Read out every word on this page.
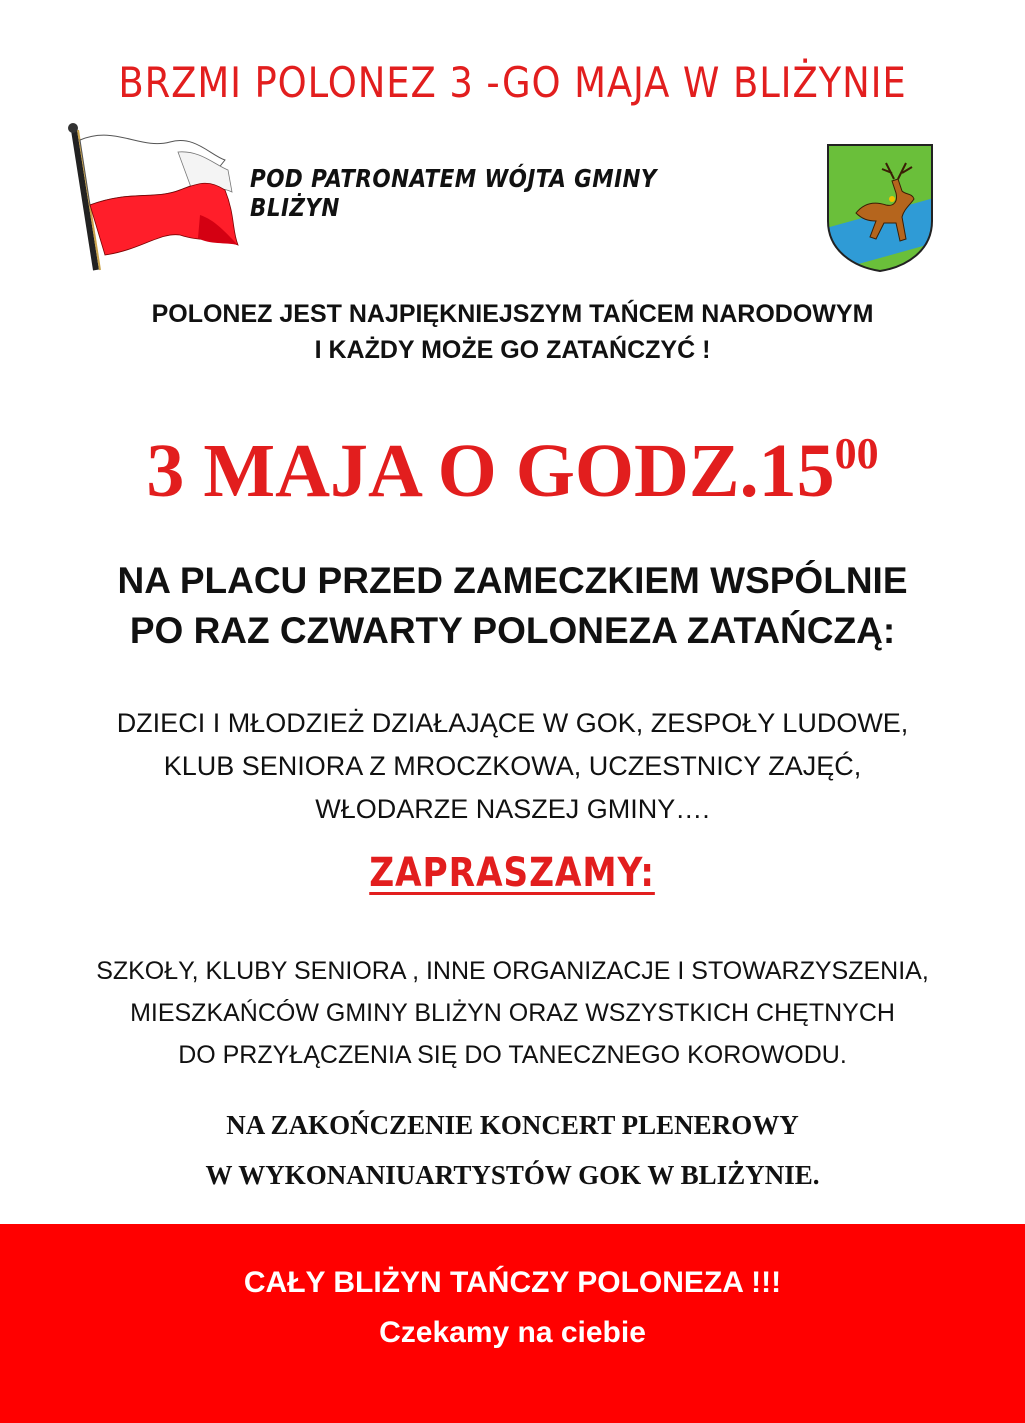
BRZMI POLONEZ 3 -GO MAJA W BLIŻYNIE
POD PATRONATEM WÓJTA GMINY BLIŻYN
POLONEZ JEST NAJPIĘKNIEJSZYM TAŃCEM NARODOWYM
I KAŻDY MOŻE GO ZATAŃCZYĆ !
3 MAJA O $GODZ.15^{00}$
NA PLACU PRZED ZAMECZKIEM WSPÓLNIE
PO RAZ CZWARTY POLONEZA ZATAŃCZĄ:
DZIECI I MŁODZIEŻ DZIAŁAJĄCE W GOK, ZESPOŁY LUDOWE,
KLUB SENIORA Z MROCZKOWA, UCZESTNICY ZAJĘĆ,
WŁODARZE NASZEJ GMINY….
ZAPRASZAMY:
SZKOŁY, KLUBY SENIORA , INNE ORGANIZACJE I STOWARZYSZENIA,
MIESZKAŃCÓW GMINY BLIŻYN ORAZ WSZYSTKICH CHĘTNYCH
DO PRZYŁĄCZENIA SIĘ DO TANECZNEGO KOROWODU.
NA ZAKOŃCZENIE KONCERT PLENEROWY
W WYKONANIUARTYSTÓW GOK W BLIŻYNIE.
CAŁY BLIŻYN TAŃCZY POLONEZA !!!
Czekamy na ciebie
